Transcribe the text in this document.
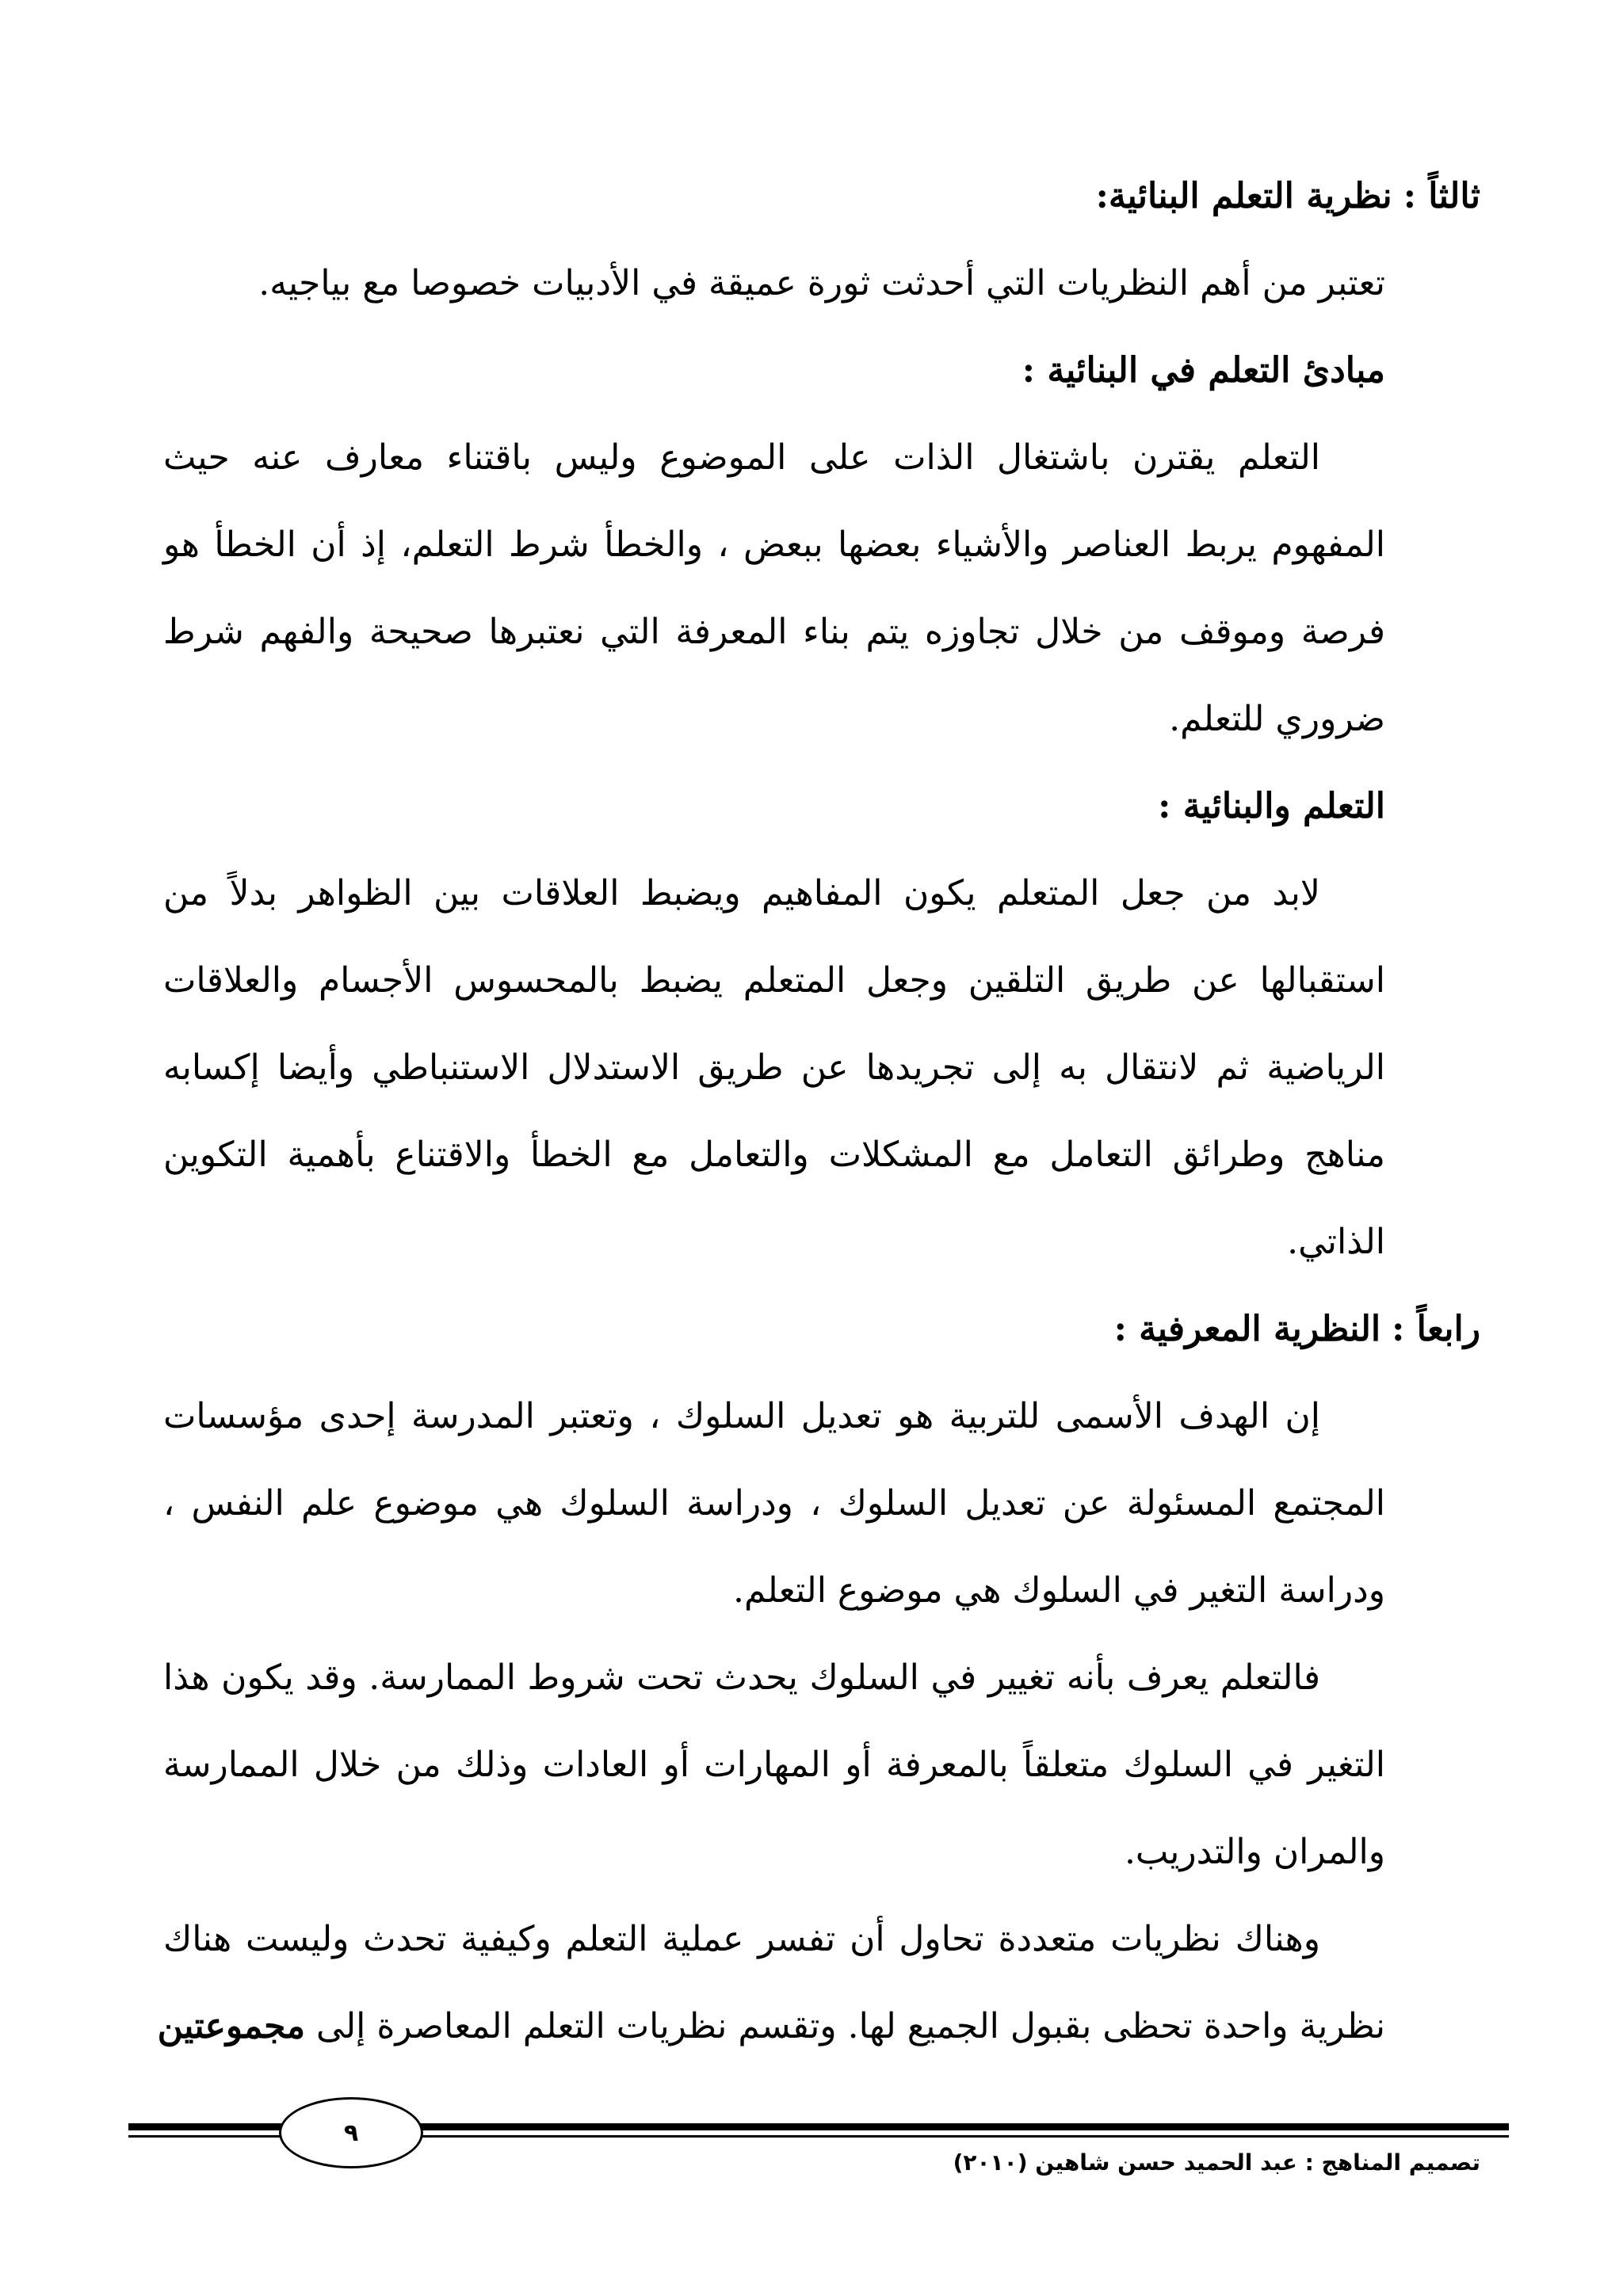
ثالثاً : نظرية التعلم البنائية:
تعتبر من أهم النظريات التي أحدثت ثورة عميقة في الأدبيات خصوصا مع بياجيه.
مبادئ التعلم في البنائية :
التعلم يقترن باشتغال الذات على الموضوع وليس باقتناء معارف عنه حيث
المفهوم يربط العناصر والأشياء بعضها ببعض ، والخطأ شرط التعلم، إذ أن الخطأ هو
فرصة وموقف من خلال تجاوزه يتم بناء المعرفة التي نعتبرها صحيحة والفهم شرط
ضروري للتعلم.
التعلم والبنائية :
لابد من جعل المتعلم يكون المفاهيم ويضبط العلاقات بين الظواهر بدلاً من
استقبالها عن طريق التلقين وجعل المتعلم يضبط بالمحسوس الأجسام والعلاقات
الرياضية ثم لانتقال به إلى تجريدها عن طريق الاستدلال الاستنباطي وأيضا إكسابه
مناهج وطرائق التعامل مع المشكلات والتعامل مع الخطأ والاقتناع بأهمية التكوين
الذاتي.
رابعاً : النظرية المعرفية :
إن الهدف الأسمى للتربية هو تعديل السلوك ، وتعتبر المدرسة إحدى مؤسسات
المجتمع المسئولة عن تعديل السلوك ، ودراسة السلوك هي موضوع علم النفس ،
ودراسة التغير في السلوك هي موضوع التعلم.
فالتعلم يعرف بأنه تغيير في السلوك يحدث تحت شروط الممارسة. وقد يكون هذا
التغير في السلوك متعلقاً بالمعرفة أو المهارات أو العادات وذلك من خلال الممارسة
والمران والتدريب.
وهناك نظريات متعددة تحاول أن تفسر عملية التعلم وكيفية تحدث وليست هناك
نظرية واحدة تحظى بقبول الجميع لها. وتقسم نظريات التعلم المعاصرة إلى مجموعتين
٩
تصميم المناهج : عبد الحميد حسن شاهين (٢٠١٠)
